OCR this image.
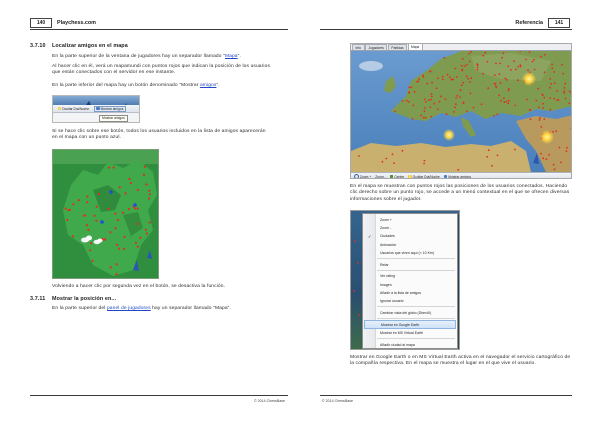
140	Playchess.com
3.7.10 Localizar amigos en el mapa

En la parte superior de la ventana de jugadores hay un separador llamado "Mapa".

Al hacer clic en él, verá un mapamundi con puntos rojos que indican la posición de los usuarios que están conectados con el servidor en ese instante.

En la parte inferior del mapa hay un botón denominado "Mostrar amigos".

Ocultar Día/Noche	Mostrar amigos
Mostrar amigos

Si se hace clic sobre ese botón, todos los usuarios incluidos en la lista de amigos aparecerán en el mapa con un punto azul.

Volviendo a hacer clic por segunda vez en el botón, se desactiva la función.

3.7.11 Mostrar la posición en...

En la parte superior del panel de jugadores hay un separador llamado "Mapa".

© 2014 ChessBase
Referencia	141
Info Jugadores Partidas Mapa
Zoom + Zoom -	Center	Ocultar Día/Noche	Mostrar amigos

En el mapa se muestran con puntos rojos las posiciones de los usuarios conectados. Haciendo clic derecho sobre un punto rojo, se accede a un menú contextual en el que se ofrecen diversas informaciones sobre el jugador.

Zoom +
Zoom -
✓ Ciudades
Animación
Usuarios que viven aquí (< 10 Km)
Retar
Ver rating
Imagen
Añadir a la lista de amigos
Ignorar usuario
Cambiar vista del globo (DirectX)
Mostrar en Google Earth
Mostrar en MS Virtual Earth
Añadir ciudad al mapa

Mostrar en Google Earth o en MS Virtual Earth activa en el navegador el servicio cartográfico de la compañía respectiva. En el mapa se muestra el lugar en el que vive el usuario.

© 2014 ChessBase
